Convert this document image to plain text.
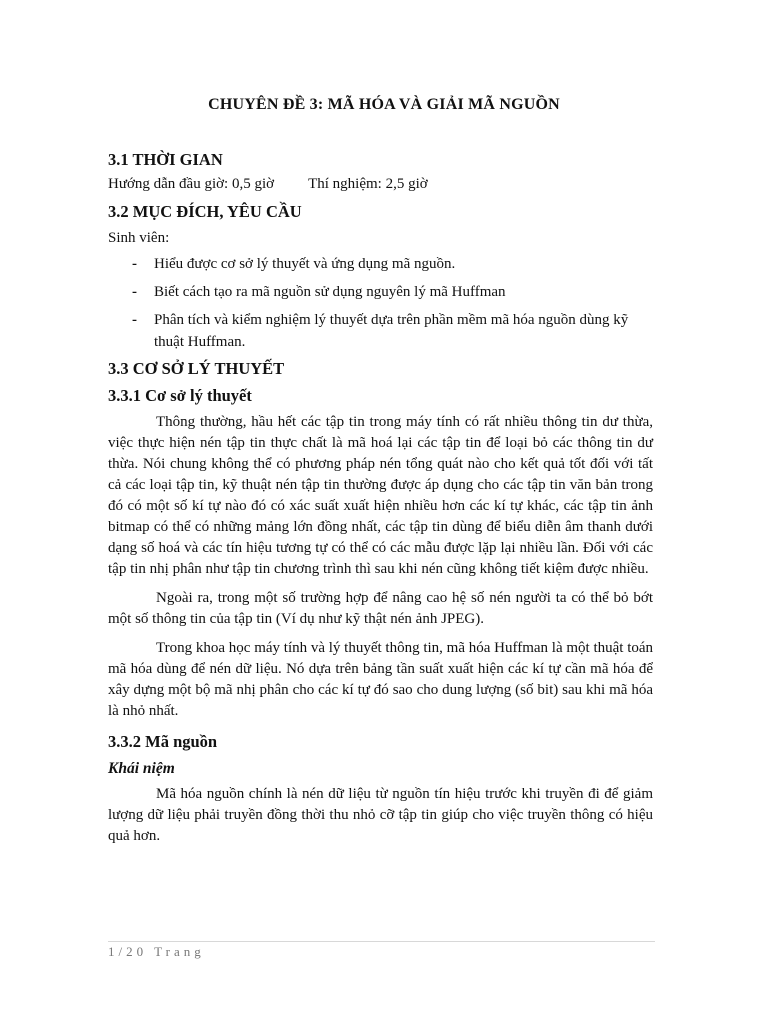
CHUYÊN ĐỀ 3: MÃ HÓA VÀ GIẢI MÃ NGUỒN
3.1 THỜI GIAN

Hướng dẫn đầu giờ: 0,5 giờ Thí nghiệm: 2,5 giờ

3.2 MỤC ĐÍCH, YÊU CẦU

Sinh viên:

- Hiểu được cơ sở lý thuyết và ứng dụng mã nguồn.
- Biết cách tạo ra mã nguồn sử dụng nguyên lý mã Huffman
- Phân tích và kiểm nghiệm lý thuyết dựa trên phần mềm mã hóa nguồn dùng kỹ thuật Huffman.
3.3 CƠ SỞ LÝ THUYẾT
3.3.1 Cơ sở lý thuyết

Thông thường, hầu hết các tập tin trong máy tính có rất nhiều thông tin dư thừa, việc thực hiện nén tập tin thực chất là mã hoá lại các tập tin để loại bỏ các thông tin dư thừa. Nói chung không thể có phương pháp nén tổng quát nào cho kết quả tốt đối với tất cả các loại tập tin, kỹ thuật nén tập tin thường được áp dụng cho các tập tin văn bản trong đó có một số kí tự nào đó có xác suất xuất hiện nhiều hơn các kí tự khác, các tập tin ảnh bitmap có thể có những mảng lớn đồng nhất, các tập tin dùng để biểu diễn âm thanh dưới dạng số hoá và các tín hiệu tương tự có thể có các mẫu được lặp lại nhiều lần. Đối với các tập tin nhị phân như tập tin chương trình thì sau khi nén cũng không tiết kiệm được nhiều.

Ngoài ra, trong một số trường hợp để nâng cao hệ số nén người ta có thể bỏ bớt một số thông tin của tập tin (Ví dụ như kỹ thật nén ảnh JPEG).

Trong khoa học máy tính và lý thuyết thông tin, mã hóa Huffman là một thuật toán mã hóa dùng để nén dữ liệu. Nó dựa trên bảng tần suất xuất hiện các kí tự cần mã hóa để xây dựng một bộ mã nhị phân cho các kí tự đó sao cho dung lượng (số bit) sau khi mã hóa là nhỏ nhất.

3.3.2 Mã nguồn
Khái niệm

Mã hóa nguồn chính là nén dữ liệu từ nguồn tín hiệu trước khi truyền đi để giảm lượng dữ liệu phải truyền đồng thời thu nhỏ cỡ tập tin giúp cho việc truyền thông có hiệu quả hơn.

1/20 Trang
